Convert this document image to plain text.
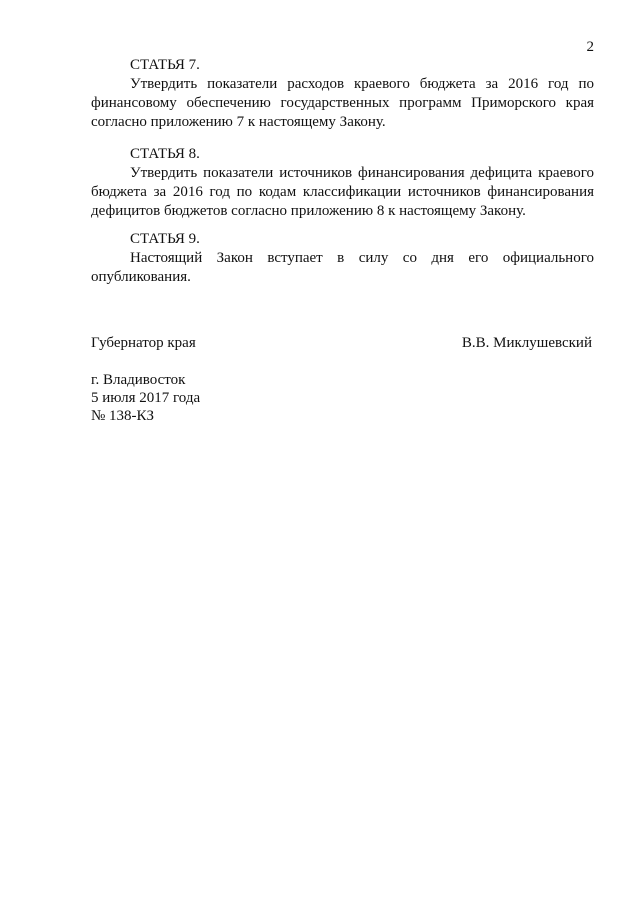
2
СТАТЬЯ 7.

Утвердить показатели расходов краевого бюджета за 2016 год по финансовому обеспечению государственных программ Приморского края согласно приложению 7 к настоящему Закону.

СТАТЬЯ 8.

Утвердить показатели источников финансирования дефицита краевого бюджета за 2016 год по кодам классификации источников финансирования дефицитов бюджетов согласно приложению 8 к настоящему Закону.

СТАТЬЯ 9.

Настоящий Закон вступает в силу со дня его официального опубликования.

Губернатор края	В.В. Миклушевский
г. Владивосток
5 июля 2017 года
№ 138-КЗ
